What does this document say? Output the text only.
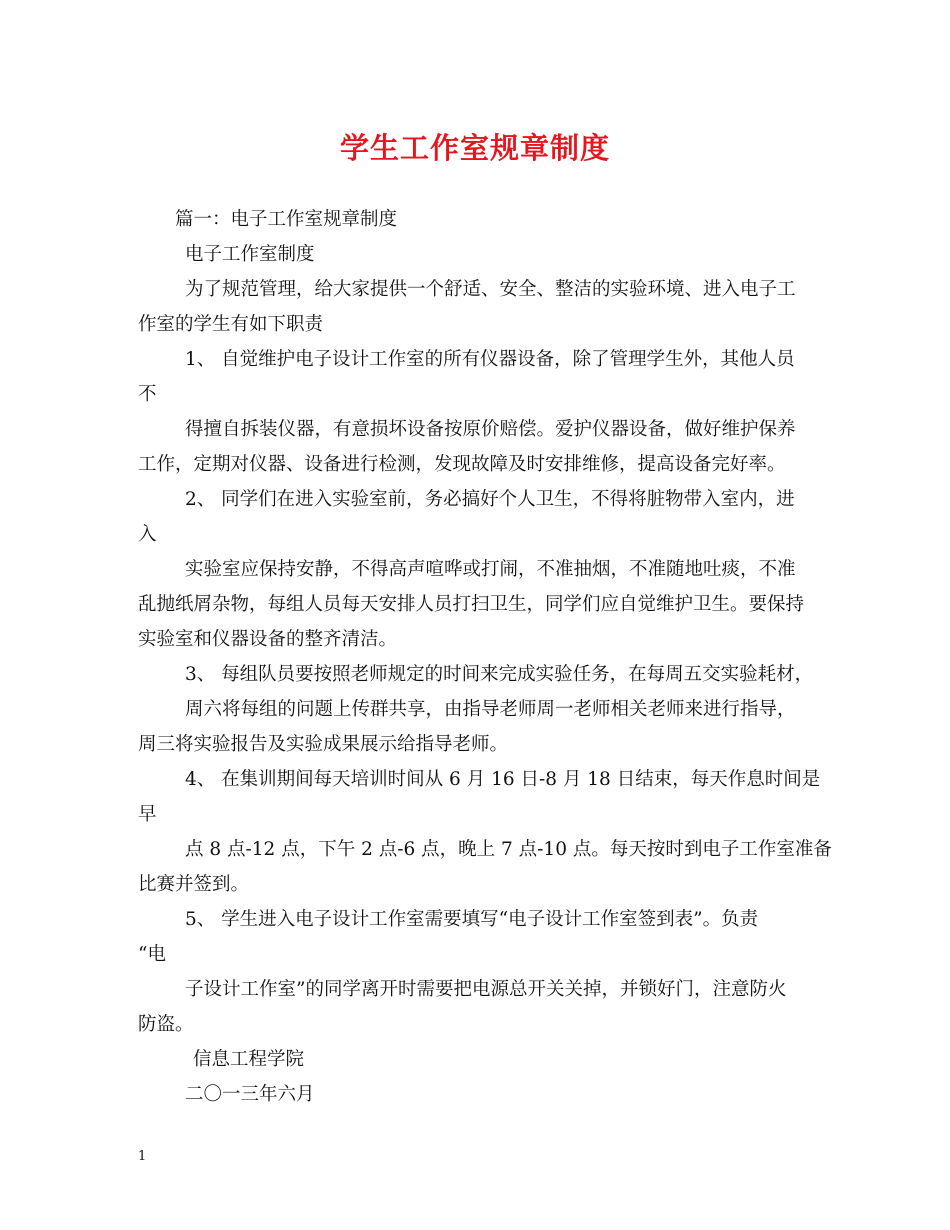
学生工作室规章制度

篇一：电子工作室规章制度

电子工作室制度

为了规范管理，给大家提供一个舒适、安全、整洁的实验环境、进入电子工

作室的学生有如下职责

1、 自觉维护电子设计工作室的所有仪器设备，除了管理学生外，其他人员

不

得擅自拆装仪器，有意损坏设备按原价赔偿。爱护仪器设备，做好维护保养

工作，定期对仪器、设备进行检测，发现故障及时安排维修，提高设备完好率。

2、 同学们在进入实验室前，务必搞好个人卫生，不得将脏物带入室内，进

入

实验室应保持安静，不得高声喧哗或打闹，不准抽烟，不准随地吐痰，不准

乱抛纸屑杂物，每组人员每天安排人员打扫卫生，同学们应自觉维护卫生。要保持

实验室和仪器设备的整齐清洁。

3、 每组队员要按照老师规定的时间来完成实验任务，在每周五交实验耗材，

周六将每组的问题上传群共享，由指导老师周一老师相关老师来进行指导，

周三将实验报告及实验成果展示给指导老师。

4、 在集训期间每天培训时间从 6 月 16 日-8 月 18 日结束，每天作息时间是

早

点 8 点-12 点，下午 2 点-6 点，晚上 7 点-10 点。每天按时到电子工作室准备

比赛并签到。

5、 学生进入电子设计工作室需要填写“电子设计工作室签到表”。负责

“电

子设计工作室”的同学离开时需要把电源总开关关掉，并锁好门，注意防火

防盗。

信息工程学院

二〇一三年六月

1
